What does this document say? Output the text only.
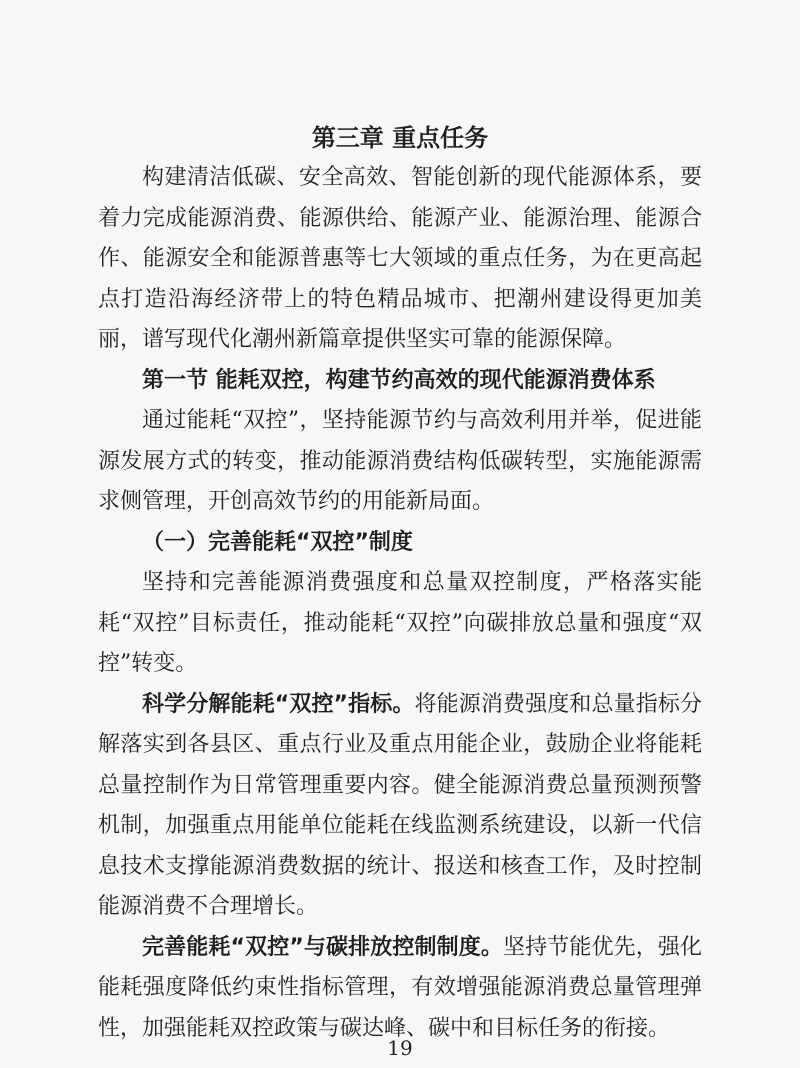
第三章 重点任务

构建清洁低碳、安全高效、智能创新的现代能源体系，要着力完成能源消费、能源供给、能源产业、能源治理、能源合作、能源安全和能源普惠等七大领域的重点任务，为在更高起点打造沿海经济带上的特色精品城市、把潮州建设得更加美丽，谱写现代化潮州新篇章提供坚实可靠的能源保障。

第一节 能耗双控，构建节约高效的现代能源消费体系

通过能耗“双控”，坚持能源节约与高效利用并举，促进能源发展方式的转变，推动能源消费结构低碳转型，实施能源需求侧管理，开创高效节约的用能新局面。

（一）完善能耗“双控”制度

坚持和完善能源消费强度和总量双控制度，严格落实能耗“双控”目标责任，推动能耗“双控”向碳排放总量和强度“双控”转变。

科学分解能耗“双控”指标。将能源消费强度和总量指标分解落实到各县区、重点行业及重点用能企业，鼓励企业将能耗总量控制作为日常管理重要内容。健全能源消费总量预测预警机制，加强重点用能单位能耗在线监测系统建设，以新一代信息技术支撑能源消费数据的统计、报送和核查工作，及时控制能源消费不合理增长。

完善能耗“双控”与碳排放控制制度。坚持节能优先，强化能耗强度降低约束性指标管理，有效增强能源消费总量管理弹性，加强能耗双控政策与碳达峰、碳中和目标任务的衔接。

19
